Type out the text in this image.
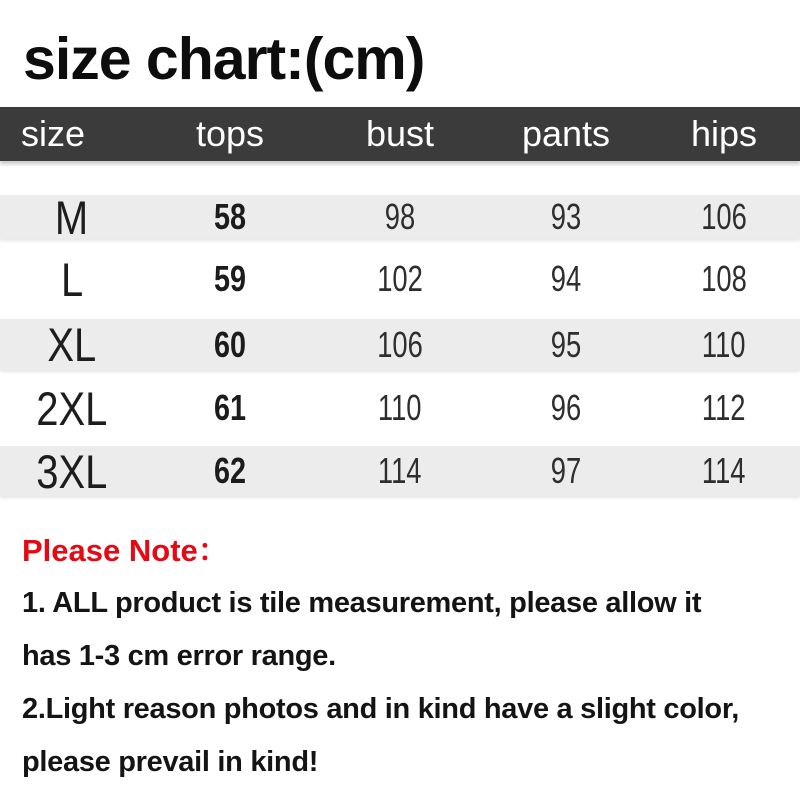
size chart:(cm)
size	tops	bust	pants	hips
M	58	98	93	106
L	59	102	94	108
XL	60	106	95	110
2XL	61	110	96	112
3XL	62	114	97	114
Please Note：
1. ALL product is tile measurement, please allow it
has 1-3 cm error range.
2.Light reason photos and in kind have a slight color,
please prevail in kind!
